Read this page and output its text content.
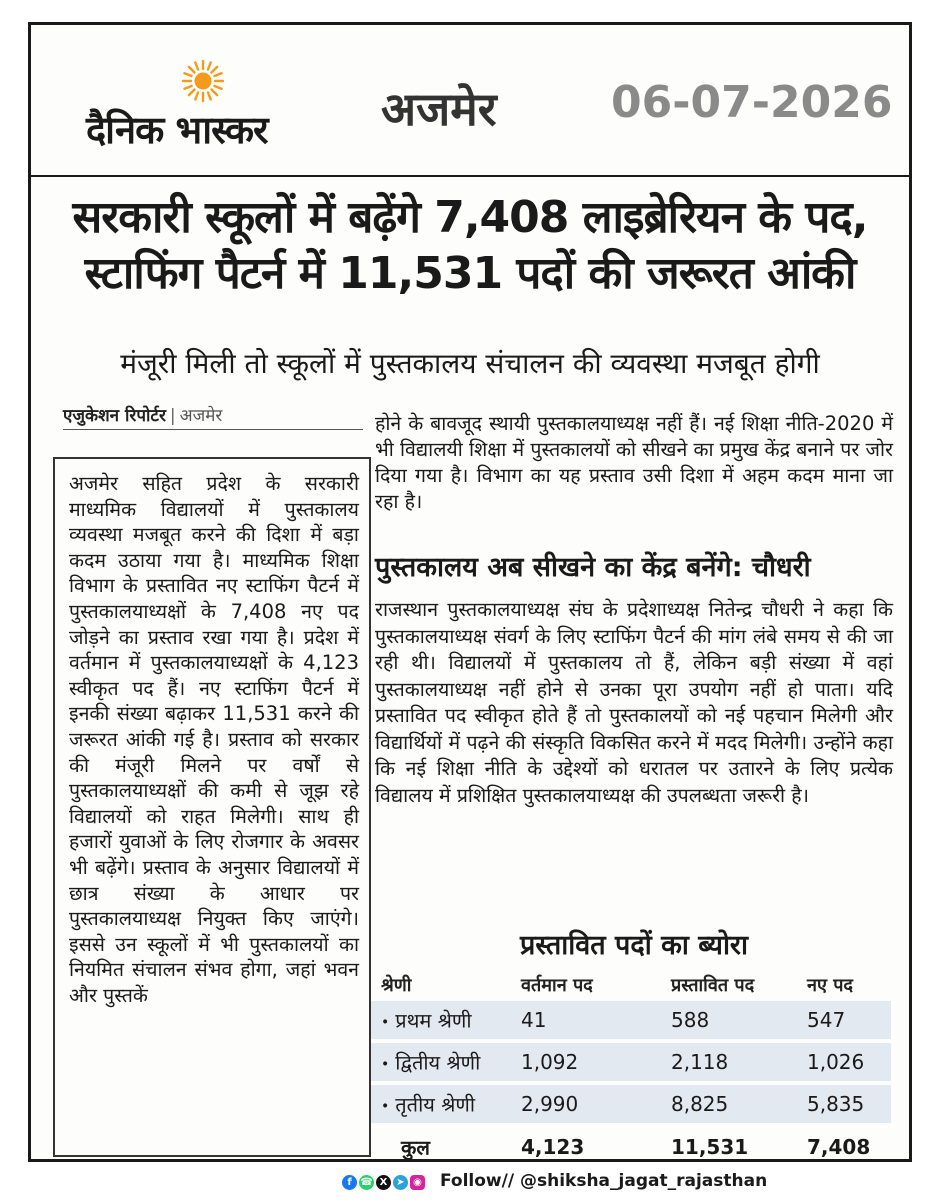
दैनिक भास्कर अजमेर	06-07-2026
सरकारी स्कूलों में बढ़ेंगे 7,408 लाइब्रेरियन के पद,
स्टाफिंग पैटर्न में 11,531 पदों की जरूरत आंकी
मंजूरी मिली तो स्कूलों में पुस्तकालय संचालन की व्यवस्था मजबूत होगी
एजुकेशन रिपोर्टर | अजमेर
अजमेर सहित प्रदेश के सरकारी माध्यमिक विद्यालयों में पुस्तकालय व्यवस्था मजबूत करने की दिशा में बड़ा कदम उठाया गया है। माध्यमिक शिक्षा विभाग के प्रस्तावित नए स्टाफिंग पैटर्न में पुस्तकालयाध्यक्षों के 7,408 नए पद जोड़ने का प्रस्ताव रखा गया है। प्रदेश में वर्तमान में पुस्तकालयाध्यक्षों के 4,123 स्वीकृत पद हैं। नए स्टाफिंग पैटर्न में इनकी संख्या बढ़ाकर 11,531 करने की जरूरत आंकी गई है। प्रस्ताव को सरकार की मंजूरी मिलने पर वर्षों से पुस्तकालयाध्यक्षों की कमी से जूझ रहे विद्यालयों को राहत मिलेगी। साथ ही हजारों युवाओं के लिए रोजगार के अवसर भी बढ़ेंगे। प्रस्ताव के अनुसार विद्यालयों में छात्र संख्या के आधार पर पुस्तकालयाध्यक्ष नियुक्त किए जाएंगे। इससे उन स्कूलों में भी पुस्तकालयों का नियमित संचालन संभव होगा, जहां भवन और पुस्तकें
होने के बावजूद स्थायी पुस्तकालयाध्यक्ष नहीं हैं। नई शिक्षा नीति-2020 में भी विद्यालयी शिक्षा में पुस्तकालयों को सीखने का प्रमुख केंद्र बनाने पर जोर दिया गया है। विभाग का यह प्रस्ताव उसी दिशा में अहम कदम माना जा रहा है।
पुस्तकालय अब सीखने का केंद्र बनेंगे: चौधरी
राजस्थान पुस्तकालयाध्यक्ष संघ के प्रदेशाध्यक्ष नितेन्द्र चौधरी ने कहा कि पुस्तकालयाध्यक्ष संवर्ग के लिए स्टाफिंग पैटर्न की मांग लंबे समय से की जा रही थी। विद्यालयों में पुस्तकालय तो हैं, लेकिन बड़ी संख्या में वहां पुस्तकालयाध्यक्ष नहीं होने से उनका पूरा उपयोग नहीं हो पाता। यदि प्रस्तावित पद स्वीकृत होते हैं तो पुस्तकालयों को नई पहचान मिलेगी और विद्यार्थियों में पढ़ने की संस्कृति विकसित करने में मदद मिलेगी। उन्होंने कहा कि नई शिक्षा नीति के उद्देश्यों को धरातल पर उतारने के लिए प्रत्येक विद्यालय में प्रशिक्षित पुस्तकालयाध्यक्ष की उपलब्धता जरूरी है।
प्रस्तावित पदों का ब्योरा
श्रेणी	वर्तमान पद	प्रस्तावित पद	नए पद
• प्रथम श्रेणी 41	588	547
• द्वितीय श्रेणी 1,092	2,118	1,026
• तृतीय श्रेणी 2,990	8,825	5,835
कुल	4,123	11,531	7,408
f ☎ X ➤ ◉	Follow// @shiksha_jagat_rajasthan
